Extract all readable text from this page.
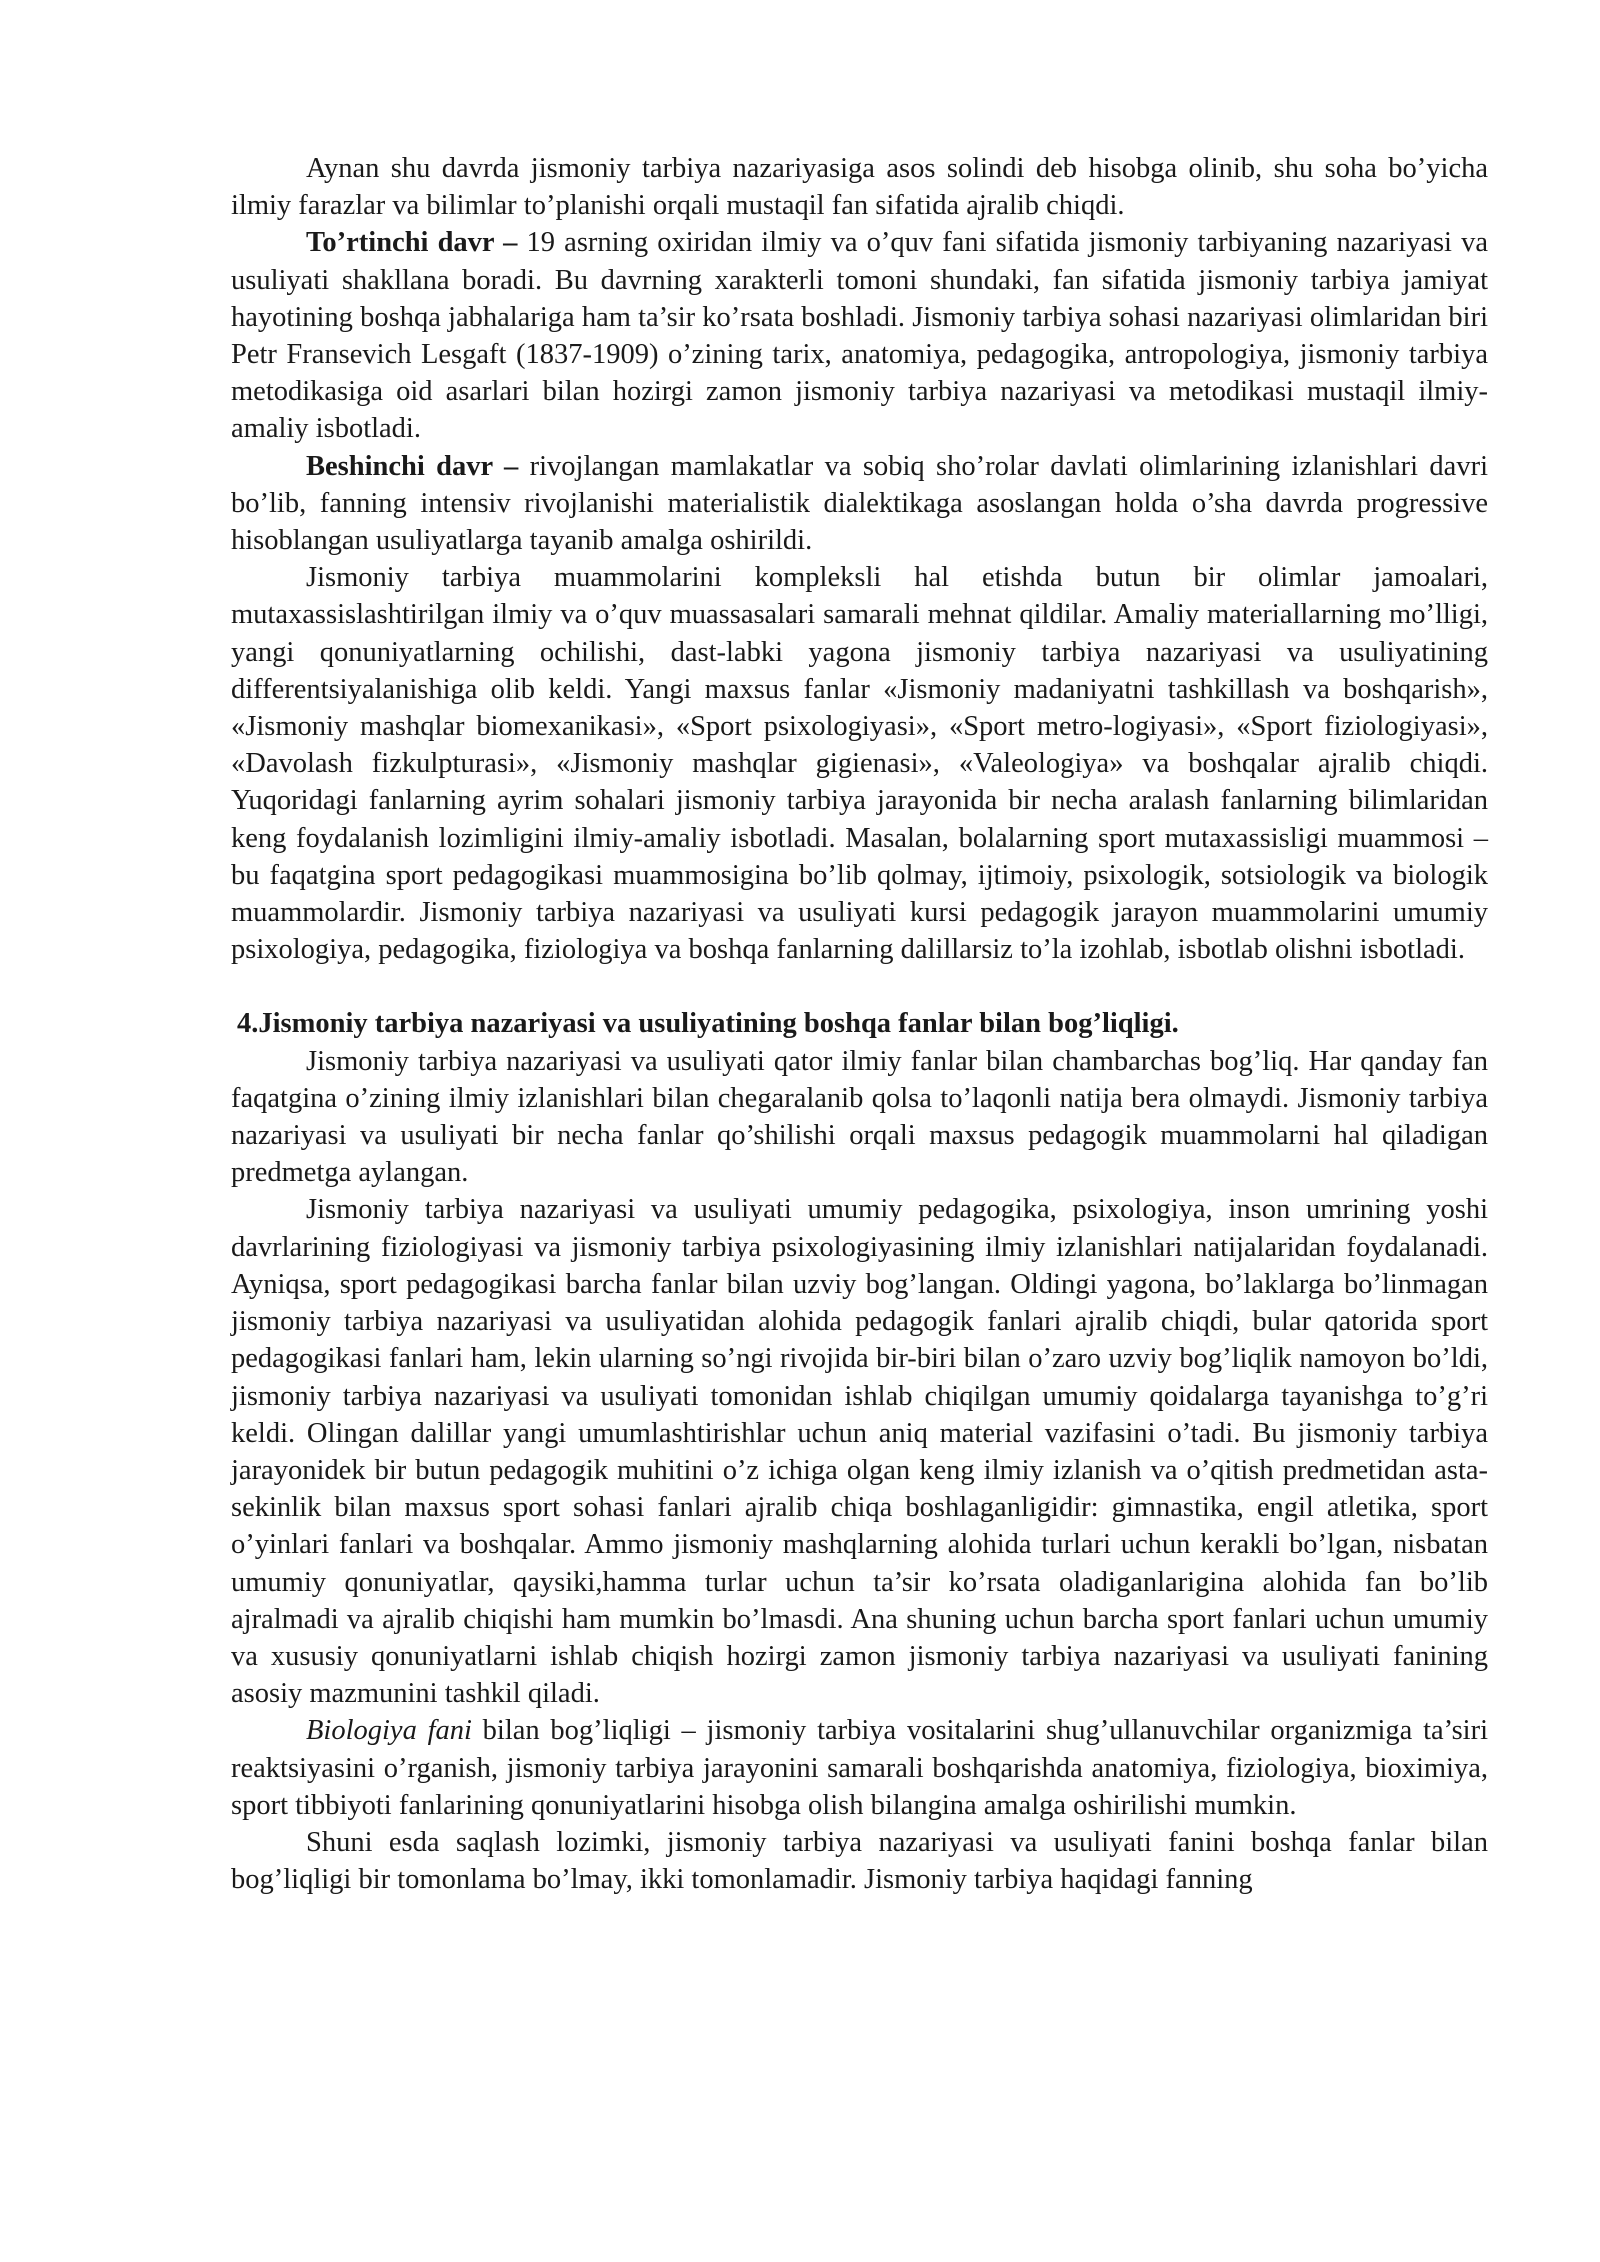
Aynan shu davrda jismoniy tarbiya nazariyasiga asos solindi deb hisobga olinib, shu soha bo’yicha ilmiy farazlar va bilimlar to’planishi orqali mustaqil fan sifatida ajralib chiqdi.

To’rtinchi davr – 19 asrning oxiridan ilmiy va o’quv fani sifatida jismoniy tarbiyaning nazariyasi va usuliyati shakllana boradi. Bu davrning xarakterli tomoni shundaki, fan sifatida jismoniy tarbiya jamiyat hayotining boshqa jabhalariga ham ta’sir ko’rsata boshladi. Jismoniy tarbiya sohasi nazariyasi olimlaridan biri Petr Fransevich Lesgaft (1837-1909) o’zining tarix, anatomiya, pedagogika, antropologiya, jismoniy tarbiya metodikasiga oid asarlari bilan hozirgi zamon jismoniy tarbiya nazariyasi va metodikasi mustaqil ilmiy-amaliy isbotladi.

Beshinchi davr – rivojlangan mamlakatlar va sobiq sho’rolar davlati olimlarining izlanishlari davri bo’lib, fanning intensiv rivojlanishi materialistik dialektikaga asoslangan holda o’sha davrda progressive hisoblangan usuliyatlarga tayanib amalga oshirildi.

Jismoniy tarbiya muammolarini kompleksli hal etishda butun bir olimlar jamoalari, mutaxassislashtirilgan ilmiy va o’quv muassasalari samarali mehnat qildilar. Amaliy materiallarning mo’lligi, yangi qonuniyatlarning ochilishi, dast-labki yagona jismoniy tarbiya nazariyasi va usuliyatining differentsiyalanishiga olib keldi. Yangi maxsus fanlar «Jismoniy madaniyatni tashkillash va boshqarish», «Jismoniy mashqlar biomexanikasi», «Sport psixologiyasi», «Sport metro-logiyasi», «Sport fiziologiyasi», «Davolash fizkulpturasi», «Jismoniy mashqlar gigienasi», «Valeologiya» va boshqalar ajralib chiqdi. Yuqoridagi fanlarning ayrim sohalari jismoniy tarbiya jarayonida bir necha aralash fanlarning bilimlaridan keng foydalanish lozimligini ilmiy-amaliy isbotladi. Masalan, bolalarning sport mutaxassisligi muammosi – bu faqatgina sport pedagogikasi muammosigina bo’lib qolmay, ijtimoiy, psixologik, sotsiologik va biologik muammolardir. Jismoniy tarbiya nazariyasi va usuliyati kursi pedagogik jarayon muammolarini umumiy psixologiya, pedagogika, fiziologiya va boshqa fanlarning dalillarsiz to’la izohlab, isbotlab olishni isbotladi.

4.Jismoniy tarbiya nazariyasi va usuliyatining boshqa fanlar bilan bog’liqligi.

Jismoniy tarbiya nazariyasi va usuliyati qator ilmiy fanlar bilan chambarchas bog’liq. Har qanday fan faqatgina o’zining ilmiy izlanishlari bilan chegaralanib qolsa to’laqonli natija bera olmaydi. Jismoniy tarbiya nazariyasi va usuliyati bir necha fanlar qo’shilishi orqali maxsus pedagogik muammolarni hal qiladigan predmetga aylangan.

Jismoniy tarbiya nazariyasi va usuliyati umumiy pedagogika, psixologiya, inson umrining yoshi davrlarining fiziologiyasi va jismoniy tarbiya psixologiyasining ilmiy izlanishlari natijalaridan foydalanadi. Ayniqsa, sport pedagogikasi barcha fanlar bilan uzviy bog’langan. Oldingi yagona, bo’laklarga bo’linmagan jismoniy tarbiya nazariyasi va usuliyatidan alohida pedagogik fanlari ajralib chiqdi, bular qatorida sport pedagogikasi fanlari ham, lekin ularning so’ngi rivojida bir-biri bilan o’zaro uzviy bog’liqlik namoyon bo’ldi, jismoniy tarbiya nazariyasi va usuliyati tomonidan ishlab chiqilgan umumiy qoidalarga tayanishga to’g’ri keldi. Olingan dalillar yangi umumlashtirishlar uchun aniq material vazifasini o’tadi. Bu jismoniy tarbiya jarayonidek bir butun pedagogik muhitini o’z ichiga olgan keng ilmiy izlanish va o’qitish predmetidan asta-sekinlik bilan maxsus sport sohasi fanlari ajralib chiqa boshlaganligidir: gimnastika, engil atletika, sport o’yinlari fanlari va boshqalar. Ammo jismoniy mashqlarning alohida turlari uchun kerakli bo’lgan, nisbatan umumiy qonuniyatlar, qaysiki,hamma turlar uchun ta’sir ko’rsata oladiganlarigina alohida fan bo’lib ajralmadi va ajralib chiqishi ham mumkin bo’lmasdi. Ana shuning uchun barcha sport fanlari uchun umumiy va xususiy qonuniyatlarni ishlab chiqish hozirgi zamon jismoniy tarbiya nazariyasi va usuliyati fanining asosiy mazmunini tashkil qiladi.

Biologiya fani bilan bog’liqligi – jismoniy tarbiya vositalarini shug’ullanuvchilar organizmiga ta’siri reaktsiyasini o’rganish, jismoniy tarbiya jarayonini samarali boshqarishda anatomiya, fiziologiya, bioximiya, sport tibbiyoti fanlarining qonuniyatlarini hisobga olish bilangina amalga oshirilishi mumkin.

Shuni esda saqlash lozimki, jismoniy tarbiya nazariyasi va usuliyati fanini boshqa fanlar bilan bog’liqligi bir tomonlama bo’lmay, ikki tomonlamadir. Jismoniy tarbiya haqidagi fanning
